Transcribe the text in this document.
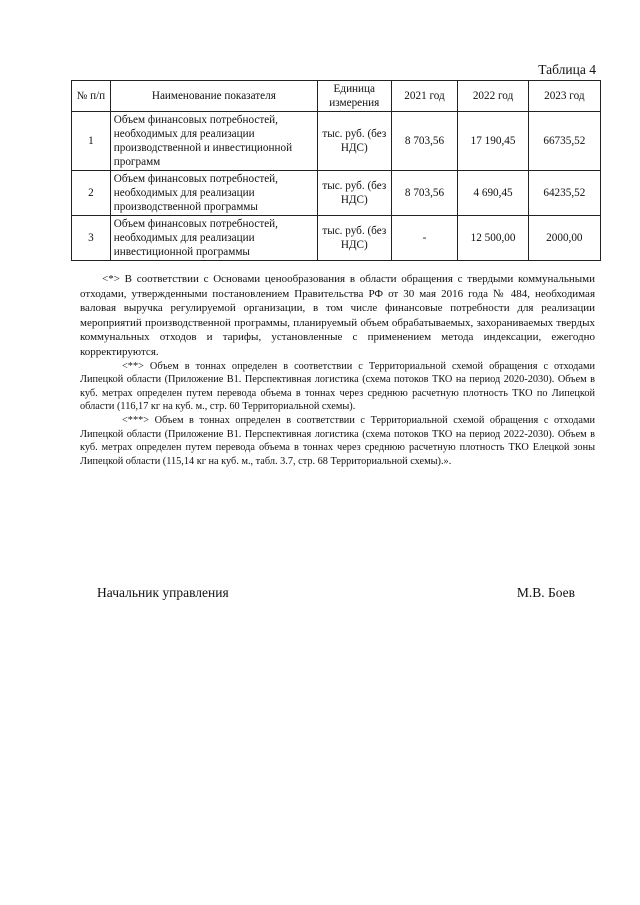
Таблица 4
№ п/п	Наименование показателя	Единица измерения	2021 год	2022 год	2023 год
1	Объем финансовых потребностей, необходимых для реализации производственной и инвестиционной программ	тыс. руб. (без НДС)	8 703,56	17 190,45	66735,52
2	Объем финансовых потребностей, необходимых для реализации производственной программы	тыс. руб. (без НДС)	8 703,56	4 690,45	64235,52
3	Объем финансовых потребностей, необходимых для реализации инвестиционной программы	тыс. руб. (без НДС)	-	12 500,00	2000,00

<*> В соответствии с Основами ценообразования в области обращения с твердыми коммунальными отходами, утвержденными постановлением Правительства РФ от 30 мая 2016 года № 484, необходимая валовая выручка регулируемой организации, в том числе финансовые потребности для реализации мероприятий производственной программы, планируемый объем обрабатываемых, захораниваемых твердых коммунальных отходов и тарифы, установленные с применением метода индексации, ежегодно корректируются.

<**> Объем в тоннах определен в соответствии с Территориальной схемой обращения с отходами Липецкой области (Приложение В1. Перспективная логистика (схема потоков ТКО на период 2020-2030). Объем в куб. метрах определен путем перевода объема в тоннах через среднюю расчетную плотность ТКО по Липецкой области (116,17 кг на куб. м., стр. 60 Территориальной схемы).

<***> Объем в тоннах определен в соответствии с Территориальной схемой обращения с отходами Липецкой области (Приложение В1. Перспективная логистика (схема потоков ТКО на период 2022-2030). Объем в куб. метрах определен путем перевода объема в тоннах через среднюю расчетную плотность ТКО Елецкой зоны Липецкой области (115,14 кг на куб. м., табл. 3.7, стр. 68 Территориальной схемы).».

Начальник управления	М.В. Боев
